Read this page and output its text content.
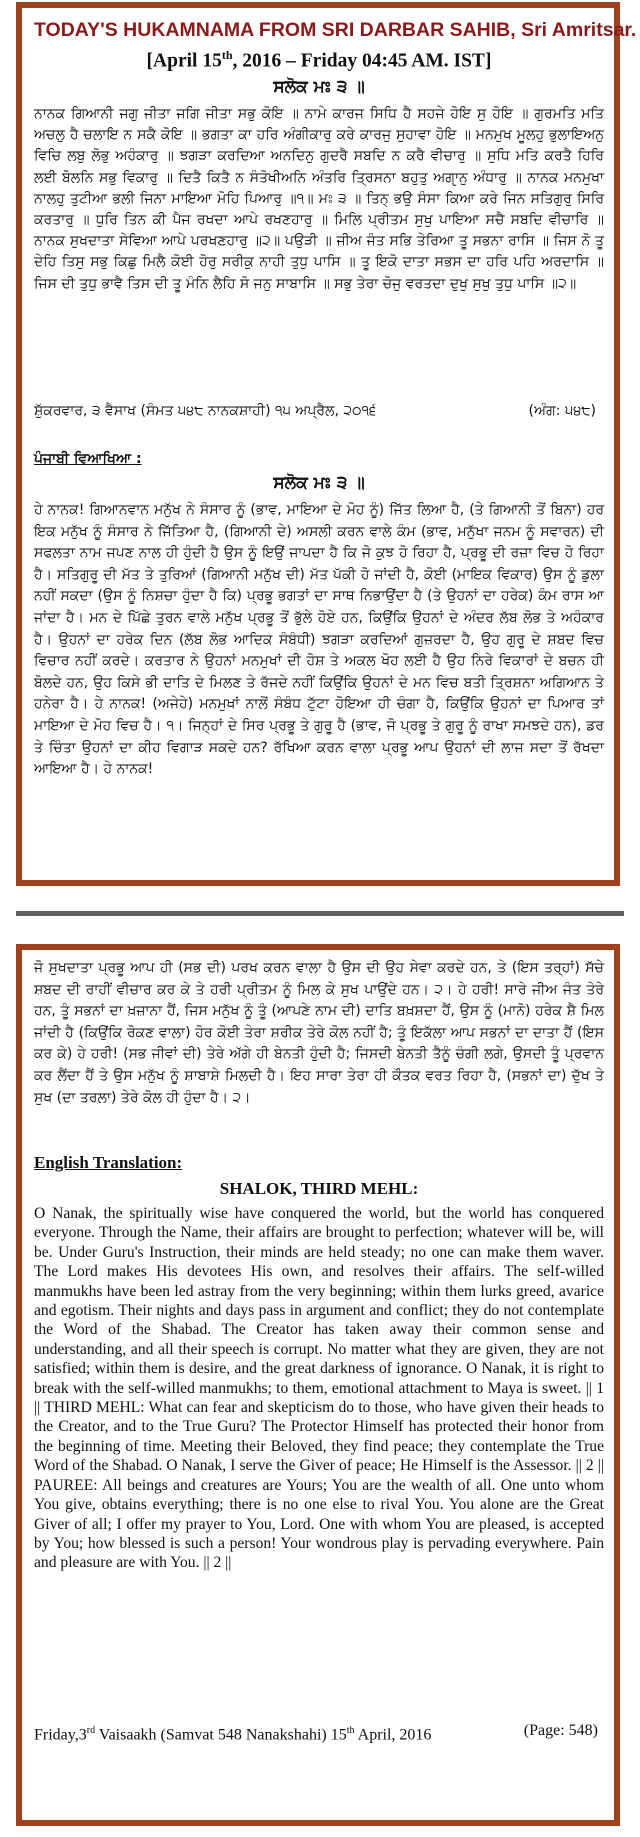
TODAY'S HUKAMNAMA FROM SRI DARBAR SAHIB, Sri Amritsar.
[April 15th, 2016 – Friday 04:45 AM. IST]
ਸਲੋਕ ਮਃ ੩ ॥
ਨਾਨਕ ਗਿਆਨੀ ਜਗੁ ਜੀਤਾ ਜਗਿ ਜੀਤਾ ਸਭੁ ਕੋਇ ॥ ਨਾਮੇ ਕਾਰਜ ਸਿਧਿ ਹੈ ਸਹਜੇ ਹੋਇ ਸੁ ਹੋਇ ॥ ਗੁਰਮਤਿ ਮਤਿ ਅਚਲੁ ਹੈ ਚਲਾਇ ਨ ਸਕੈ ਕੋਇ ॥ ਭਗਤਾ ਕਾ ਹਰਿ ਅੰਗੀਕਾਰੁ ਕਰੇ ਕਾਰਜੁ ਸੁਹਾਵਾ ਹੋਇ ॥ ਮਨਮੁਖ ਮੂਲਹੁ ਭੁਲਾਇਅਨੁ ਵਿਚਿ ਲਬੁ ਲੋਭੁ ਅਹੰਕਾਰੁ ॥ ਝਗੜਾ ਕਰਦਿਆ ਅਨਦਿਨੁ ਗੁਦਰੈ ਸਬਦਿ ਨ ਕਰੈ ਵੀਚਾਰੁ ॥ ਸੁਧਿ ਮਤਿ ਕਰਤੈ ਹਿਰਿ ਲਈ ਬੋਲਨਿ ਸਭੁ ਵਿਕਾਰੁ ॥ ਦਿਤੈ ਕਿਤੈ ਨ ਸੰਤੋਖੀਅਨਿ ਅੰਤਰਿ ਤ੍ਰਿਸਨਾ ਬਹੁਤੁ ਅਗੵਾਨੁ ਅੰਧਾਰੁ ॥ ਨਾਨਕ ਮਨਮੁਖਾ ਨਾਲਹੁ ਤੁਟੀਆ ਭਲੀ ਜਿਨਾ ਮਾਇਆ ਮੋਹਿ ਪਿਆਰੁ ॥੧॥ ਮਃ ੩ ॥ ਤਿਨ੍ ਭਉ ਸੰਸਾ ਕਿਆ ਕਰੇ ਜਿਨ ਸਤਿਗੁਰੁ ਸਿਰਿ ਕਰਤਾਰੁ ॥ ਧੁਰਿ ਤਿਨ ਕੀ ਪੈਜ ਰਖਦਾ ਆਪੇ ਰਖਣਹਾਰੁ ॥ ਮਿਲਿ ਪ੍ਰੀਤਮ ਸੁਖੁ ਪਾਇਆ ਸਚੈ ਸਬਦਿ ਵੀਚਾਰਿ ॥ ਨਾਨਕ ਸੁਖਦਾਤਾ ਸੇਵਿਆ ਆਪੇ ਪਰਖਣਹਾਰੁ ॥੨॥ ਪਉੜੀ ॥ ਜੀਅ ਜੰਤ ਸਭਿ ਤੇਰਿਆ ਤੂ ਸਭਨਾ ਰਾਸਿ ॥ ਜਿਸ ਨੋ ਤੂ ਦੇਹਿ ਤਿਸੁ ਸਭੁ ਕਿਛੁ ਮਿਲੈ ਕੋਈ ਹੋਰੁ ਸਰੀਕੁ ਨਾਹੀ ਤੁਧੁ ਪਾਸਿ ॥ ਤੂ ਇਕੋ ਦਾਤਾ ਸਭਸ ਦਾ ਹਰਿ ਪਹਿ ਅਰਦਾਸਿ ॥ ਜਿਸ ਦੀ ਤੁਧੁ ਭਾਵੈ ਤਿਸ ਦੀ ਤੂ ਮੰਨਿ ਲੈਹਿ ਸੋ ਜਨੁ ਸਾਬਾਸਿ ॥ ਸਭੁ ਤੇਰਾ ਚੋਜੁ ਵਰਤਦਾ ਦੁਖੁ ਸੁਖੁ ਤੁਧੁ ਪਾਸਿ ॥੨॥
ਸ਼ੁੱਕਰਵਾਰ, ੩ ਵੈਸਾਖ (ਸੰਮਤ ੫੪੮ ਨਾਨਕਸ਼ਾਹੀ) ੧੫ ਅਪ੍ਰੈਲ, ੨੦੧੬	(ਅੰਗ: ੫੪੮)
ਪੰਜਾਬੀ ਵਿਆਖਿਆ :
ਸਲੋਕ ਮਃ ੩ ॥
ਹੇ ਨਾਨਕ! ਗਿਆਨਵਾਨ ਮਨੁੱਖ ਨੇ ਸੰਸਾਰ ਨੂੰ (ਭਾਵ, ਮਾਇਆ ਦੇ ਮੋਹ ਨੂੰ) ਜਿੱਤ ਲਿਆ ਹੈ, (ਤੇ ਗਿਆਨੀ ਤੋਂ ਬਿਨਾ) ਹਰ ਇਕ ਮਨੁੱਖ ਨੂੰ ਸੰਸਾਰ ਨੇ ਜਿੱਤਿਆ ਹੈ, (ਗਿਆਨੀ ਦੇ) ਅਸਲੀ ਕਰਨ ਵਾਲੇ ਕੰਮ (ਭਾਵ, ਮਨੁੱਖਾ ਜਨਮ ਨੂੰ ਸਵਾਰਨ) ਦੀ ਸਫਲਤਾ ਨਾਮ ਜਪਣ ਨਾਲ ਹੀ ਹੁੰਦੀ ਹੈ ਉਸ ਨੂੰ ਇਉਂ ਜਾਪਦਾ ਹੈ ਕਿ ਜੋ ਕੁਝ ਹੋ ਰਿਹਾ ਹੈ, ਪ੍ਰਭੂ ਦੀ ਰਜ਼ਾ ਵਿਚ ਹੋ ਰਿਹਾ ਹੈ। ਸਤਿਗੁਰੂ ਦੀ ਮੱਤ ਤੇ ਤੁਰਿਆਂ (ਗਿਆਨੀ ਮਨੁੱਖ ਦੀ) ਮੱਤ ਪੱਕੀ ਹੋ ਜਾਂਦੀ ਹੈ, ਕੋਈ (ਮਾਇਕ ਵਿਕਾਰ) ਉਸ ਨੂੰ ਡੁਲਾ ਨਹੀਂ ਸਕਦਾ (ਉਸ ਨੂੰ ਨਿਸ਼ਚਾ ਹੁੰਦਾ ਹੈ ਕਿ) ਪ੍ਰਭੂ ਭਗਤਾਂ ਦਾ ਸਾਥ ਨਿਭਾਉਂਦਾ ਹੈ (ਤੇ ਉਹਨਾਂ ਦਾ ਹਰੇਕ) ਕੰਮ ਰਾਸ ਆ ਜਾਂਦਾ ਹੈ। ਮਨ ਦੇ ਪਿੱਛੇ ਤੁਰਨ ਵਾਲੇ ਮਨੁੱਖ ਪ੍ਰਭੂ ਤੋਂ ਭੁੱਲੇ ਹੋਏ ਹਨ, ਕਿਉਂਕਿ ਉਹਨਾਂ ਦੇ ਅੰਦਰ ਲੱਬ ਲੋਭ ਤੇ ਅਹੰਕਾਰ ਹੈ। ਉਹਨਾਂ ਦਾ ਹਰੇਕ ਦਿਨ (ਲੱਬ ਲੋਭ ਆਦਿਕ ਸੰਬੰਧੀ) ਝਗੜਾ ਕਰਦਿਆਂ ਗੁਜ਼ਰਦਾ ਹੈ, ਉਹ ਗੁਰੂ ਦੇ ਸ਼ਬਦ ਵਿਚ ਵਿਚਾਰ ਨਹੀਂ ਕਰਦੇ। ਕਰਤਾਰ ਨੇ ਉਹਨਾਂ ਮਨਮੁਖਾਂ ਦੀ ਹੋਸ਼ ਤੇ ਅਕਲ ਖੋਹ ਲਈ ਹੈ ਉਹ ਨਿਰੇ ਵਿਕਾਰਾਂ ਦੇ ਬਚਨ ਹੀ ਬੋਲਦੇ ਹਨ, ਉਹ ਕਿਸੇ ਭੀ ਦਾਤਿ ਦੇ ਮਿਲਣ ਤੇ ਰੱਜਦੇ ਨਹੀਂ ਕਿਉਂਕਿ ਉਹਨਾਂ ਦੇ ਮਨ ਵਿਚ ਬਤੀ ਤ੍ਰਿਸ਼ਨਾ ਅਗਿਆਨ ਤੇ ਹਨੇਰਾ ਹੈ। ਹੇ ਨਾਨਕ! (ਅਜੇਹੇ) ਮਨਮੁਖਾਂ ਨਾਲੋਂ ਸੰਬੰਧ ਟੁੱਟਾ ਹੋਇਆ ਹੀ ਚੰਗਾ ਹੈ, ਕਿਉਂਕਿ ਉਹਨਾਂ ਦਾ ਪਿਆਰ ਤਾਂ ਮਾਇਆ ਦੇ ਮੋਹ ਵਿਚ ਹੈ। ੧। ਜਿਨ੍ਹਾਂ ਦੇ ਸਿਰ ਪ੍ਰਭੂ ਤੇ ਗੁਰੂ ਹੈ (ਭਾਵ, ਜੋ ਪ੍ਰਭੂ ਤੇ ਗੁਰੂ ਨੂੰ ਰਾਖਾ ਸਮਝਦੇ ਹਨ), ਡਰ ਤੇ ਚਿੰਤਾ ਉਹਨਾਂ ਦਾ ਕੀਹ ਵਿਗਾੜ ਸਕਦੇ ਹਨ? ਰੱਖਿਆ ਕਰਨ ਵਾਲਾ ਪ੍ਰਭੂ ਆਪ ਉਹਨਾਂ ਦੀ ਲਾਜ ਸਦਾ ਤੋਂ ਰੱਖਦਾ ਆਇਆ ਹੈ। ਹੇ ਨਾਨਕ!
ਜੋ ਸੁਖਦਾਤਾ ਪ੍ਰਭੂ ਆਪ ਹੀ (ਸਭ ਦੀ) ਪਰਖ ਕਰਨ ਵਾਲਾ ਹੈ ਉਸ ਦੀ ਉਹ ਸੇਵਾ ਕਰਦੇ ਹਨ, ਤੇ (ਇਸ ਤਰ੍ਹਾਂ) ਸੱਚੇ ਸ਼ਬਦ ਦੀ ਰਾਹੀਂ ਵੀਚਾਰ ਕਰ ਕੇ ਤੇ ਹਰੀ ਪ੍ਰੀਤਮ ਨੂੰ ਮਿਲ ਕੇ ਸੁਖ ਪਾਉਂਦੇ ਹਨ। ੨। ਹੇ ਹਰੀ! ਸਾਰੇ ਜੀਅ ਜੰਤ ਤੇਰੇ ਹਨ, ਤੂੰ ਸਭਨਾਂ ਦਾ ਖ਼ਜ਼ਾਨਾ ਹੈਂ, ਜਿਸ ਮਨੁੱਖ ਨੂੰ ਤੂੰ (ਆਪਣੇ ਨਾਮ ਦੀ) ਦਾਤਿ ਬਖ਼ਸ਼ਦਾ ਹੈਂ, ਉਸ ਨੂੰ (ਮਾਨੋ) ਹਰੇਕ ਸ਼ੈ ਮਿਲ ਜਾਂਦੀ ਹੈ (ਕਿਉਂਕਿ ਰੋਕਣ ਵਾਲਾ) ਹੋਰ ਕੋਈ ਤੇਰਾ ਸ਼ਰੀਕ ਤੇਰੇ ਕੋਲ ਨਹੀਂ ਹੈ; ਤੂੰ ਇਕੱਲਾ ਆਪ ਸਭਨਾਂ ਦਾ ਦਾਤਾ ਹੈਂ (ਇਸ ਕਰ ਕੇ) ਹੇ ਹਰੀ! (ਸਭ ਜੀਵਾਂ ਦੀ) ਤੇਰੇ ਅੱਗੇ ਹੀ ਬੇਨਤੀ ਹੁੰਦੀ ਹੈ; ਜਿਸਦੀ ਬੇਨਤੀ ਤੈਨੂੰ ਚੰਗੀ ਲਗੇ, ਉਸਦੀ ਤੂੰ ਪ੍ਰਵਾਨ ਕਰ ਲੈਂਦਾ ਹੈਂ ਤੇ ਉਸ ਮਨੁੱਖ ਨੂੰ ਸ਼ਾਬਾਸ਼ੇ ਮਿਲਦੀ ਹੈ। ਇਹ ਸਾਰਾ ਤੇਰਾ ਹੀ ਕੌਤਕ ਵਰਤ ਰਿਹਾ ਹੈ, (ਸਭਨਾਂ ਦਾ) ਦੁੱਖ ਤੇ ਸੁਖ (ਦਾ ਤਰਲਾ) ਤੇਰੇ ਕੋਲ ਹੀ ਹੁੰਦਾ ਹੈ। ੨।
English Translation:
SHALOK, THIRD MEHL:
O Nanak, the spiritually wise have conquered the world, but the world has conquered everyone. Through the Name, their affairs are brought to perfection; whatever will be, will be. Under Guru's Instruction, their minds are held steady; no one can make them waver. The Lord makes His devotees His own, and resolves their affairs. The self-willed manmukhs have been led astray from the very beginning; within them lurks greed, avarice and egotism. Their nights and days pass in argument and conflict; they do not contemplate the Word of the Shabad. The Creator has taken away their common sense and understanding, and all their speech is corrupt. No matter what they are given, they are not satisfied; within them is desire, and the great darkness of ignorance. O Nanak, it is right to break with the self-willed manmukhs; to them, emotional attachment to Maya is sweet. || 1 || THIRD MEHL: What can fear and skepticism do to those, who have given their heads to the Creator, and to the True Guru? The Protector Himself has protected their honor from the beginning of time. Meeting their Beloved, they find peace; they contemplate the True Word of the Shabad. O Nanak, I serve the Giver of peace; He Himself is the Assessor. || 2 || PAUREE: All beings and creatures are Yours; You are the wealth of all. One unto whom You give, obtains everything; there is no one else to rival You. You alone are the Great Giver of all; I offer my prayer to You, Lord. One with whom You are pleased, is accepted by You; how blessed is such a person! Your wondrous play is pervading everywhere. Pain and pleasure are with You. || 2 ||
Friday,3rd Vaisaakh (Samvat 548 Nanakshahi) 15th April, 2016	(Page: 548)
